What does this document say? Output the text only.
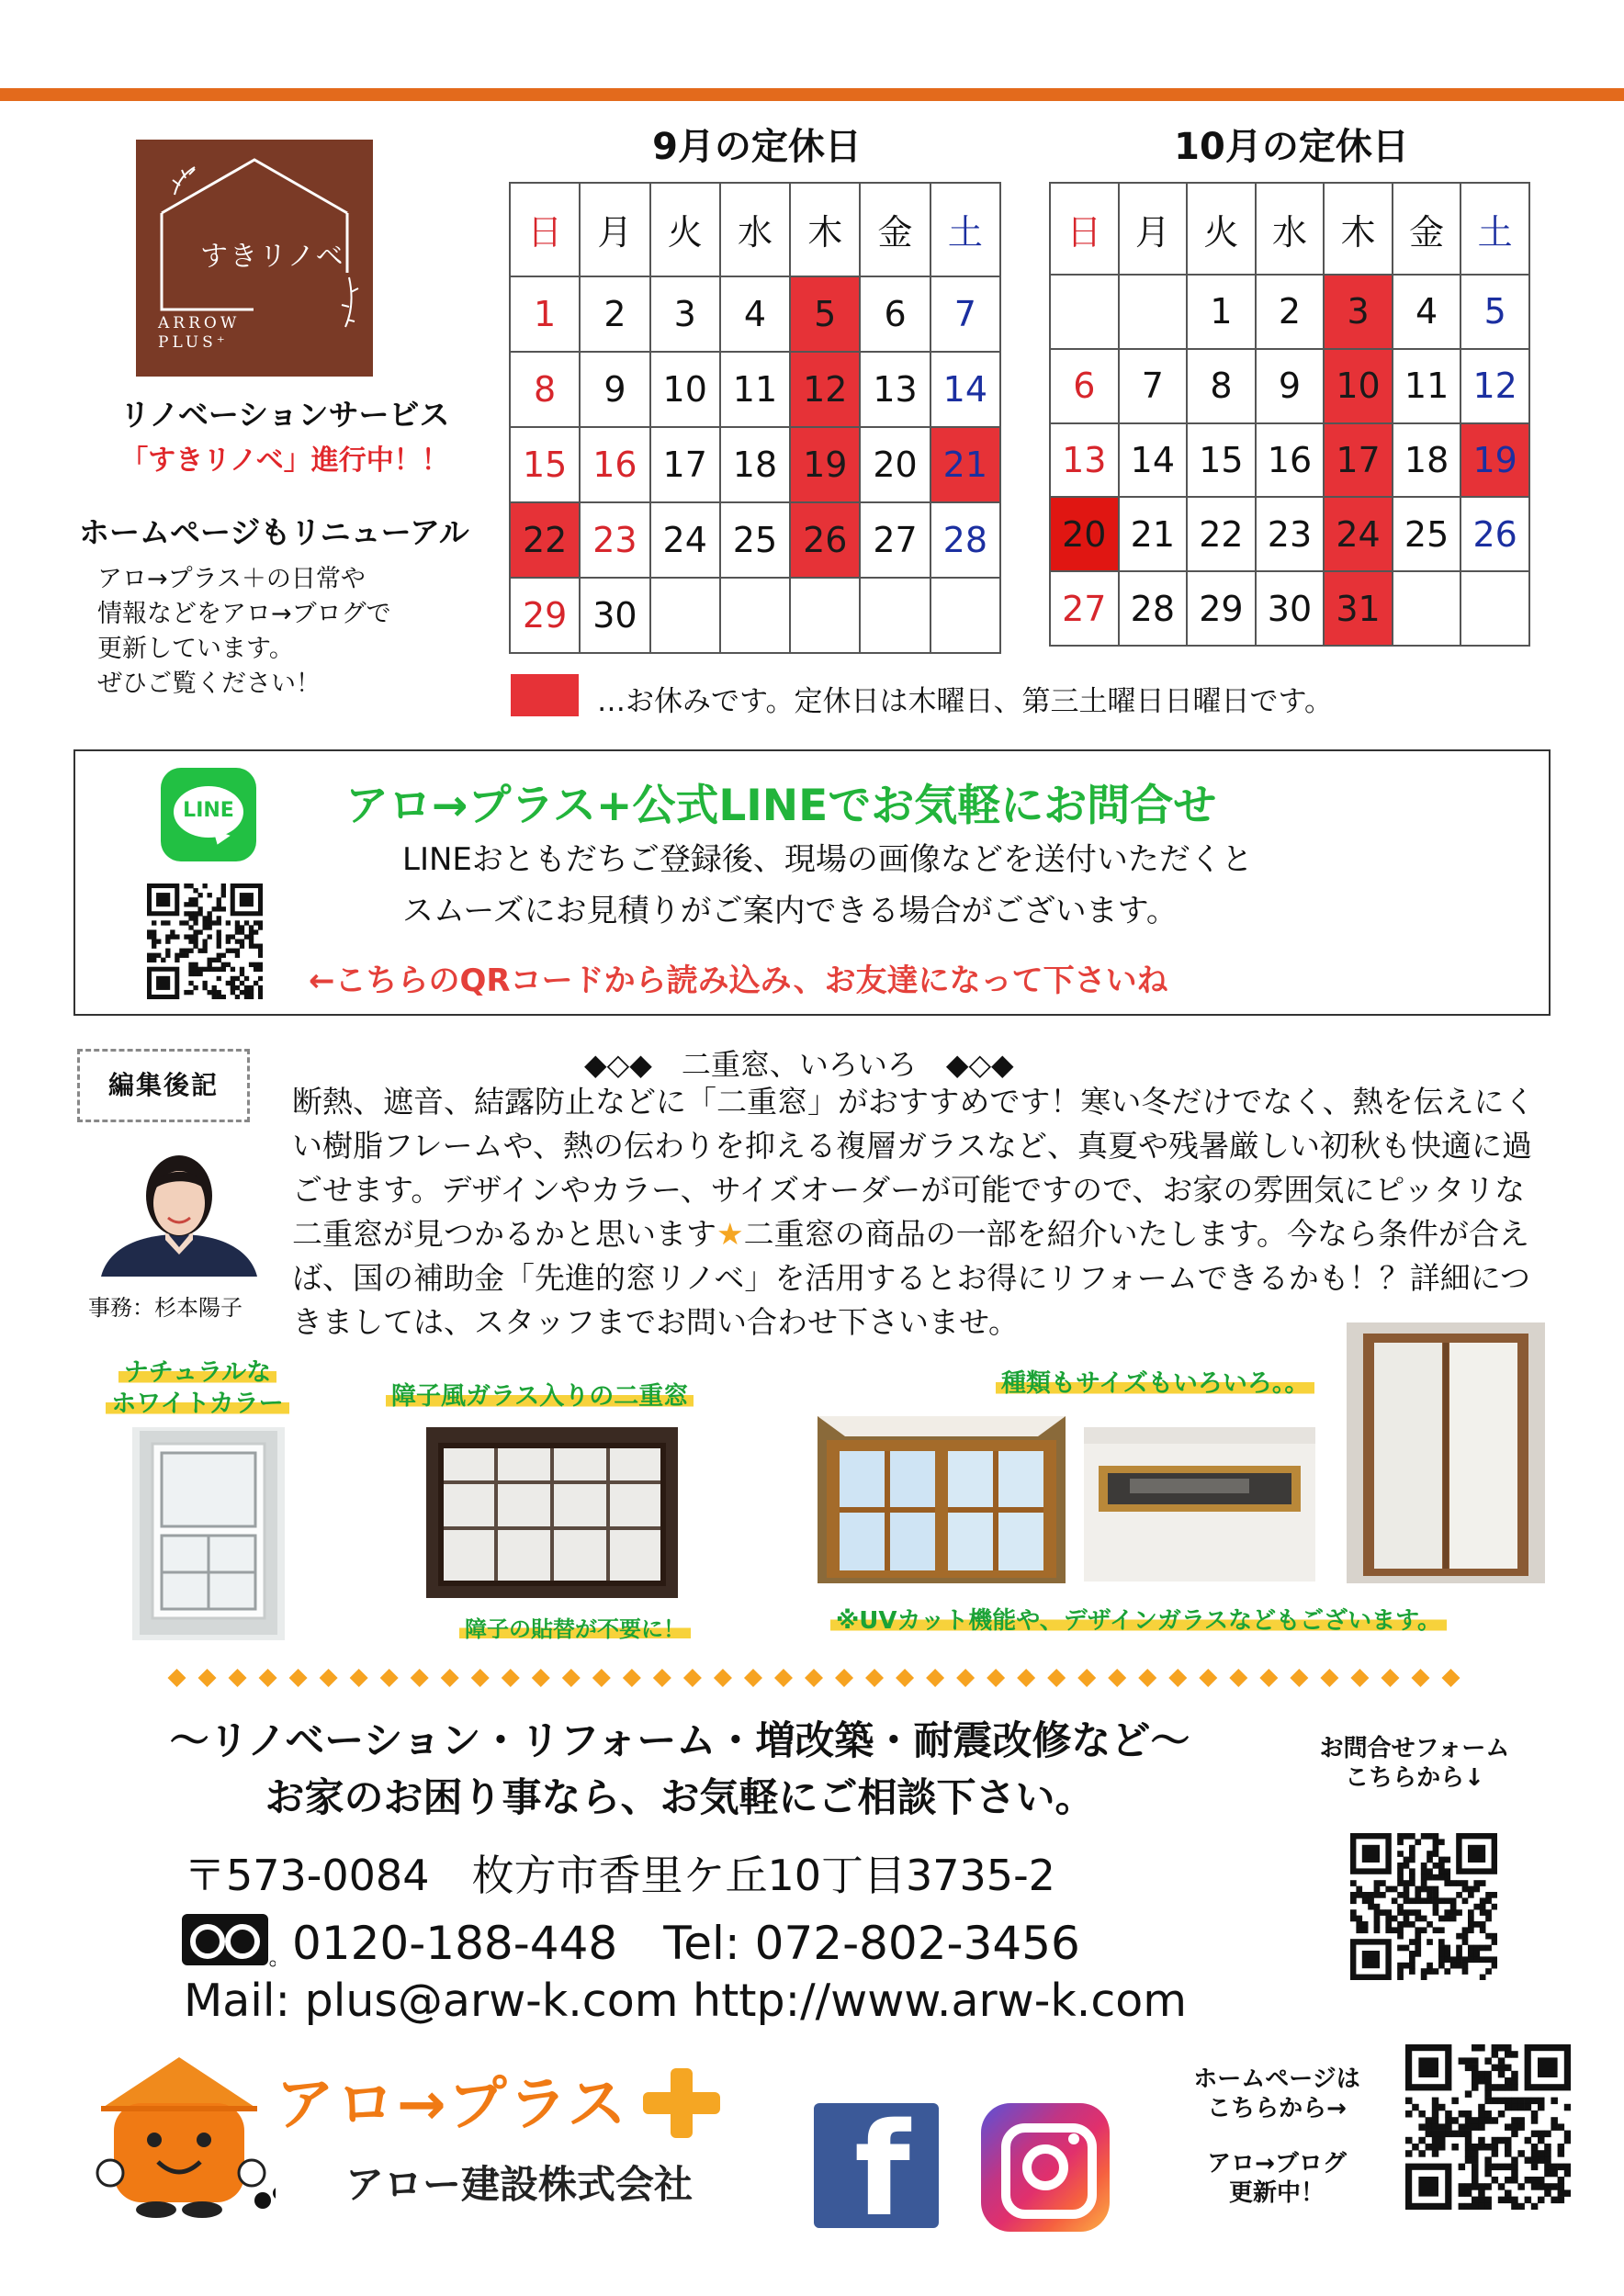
すきリノベ
ARROW
PLUS⁺
リノベーションサービス
「すきリノベ」進行中！！
ホームページもリニューアル
アロ→プラス＋の日常や
情報などをアロ→ブログで
更新しています。
ぜひご覧ください！
9月の定休日
日	月	火	水	木	金	土
1	2	3	4	5	6	7
8	9	10	11	12	13	14
15	16	17	18	19	20	21
22	23	24	25	26	27	28
29	30					
10月の定休日
日	月	火	水	木	金	土
		1	2	3	4	5
6	7	8	9	10	11	12
13	14	15	16	17	18	19
20	21	22	23	24	25	26
27	28	29	30	31		
…お休みです。定休日は木曜日、第三土曜日日曜日です。
LINE	アロ→プラス+公式LINEでお気軽にお問合せ
LINEおともだちご登録後、現場の画像などを送付いただくと
スムーズにお見積りがご案内できる場合がございます。
←こちらのQRコードから読み込み、お友達になって下さいね
編集後記
事務：杉本陽子
◆◇◆　二重窓、いろいろ　◆◇◆
断熱、遮音、結露防止などに「二重窓」がおすすめです！寒い冬だけでなく、熱を伝えにくい樹脂フレームや、熱の伝わりを抑える複層ガラスなど、真夏や残暑厳しい初秋も快適に過ごせます。デザインやカラー、サイズオーダーが可能ですので、お家の雰囲気にピッタリな二重窓が見つかるかと思います★二重窓の商品の一部を紹介いたします。今なら条件が合えば、国の補助金「先進的窓リノベ」を活用するとお得にリフォームできるかも！？詳細につきましては、スタッフまでお問い合わせ下さいませ。
ナチュラルな
ホワイトカラー	障子風ガラス入りの二重窓	種類もサイズもいろいろ。。
障子の貼替が不要に！	※UVカット機能や、デザインガラスなどもございます。
～リノベーション・リフォーム・増改築・耐震改修など～
お家のお困り事なら、お気軽にご相談下さい。
〒573-0084　枚方市香里ケ丘10丁目3735-2
0120-188-448　Tel: 072-802-3456
Mail: plus@arw-k.com http://www.arw-k.com
お問合せフォーム
こちらから↓
ホームページは
こちらから→
アロ→ブログ
更新中！
アロ→プラス
アロー建設株式会社 f
